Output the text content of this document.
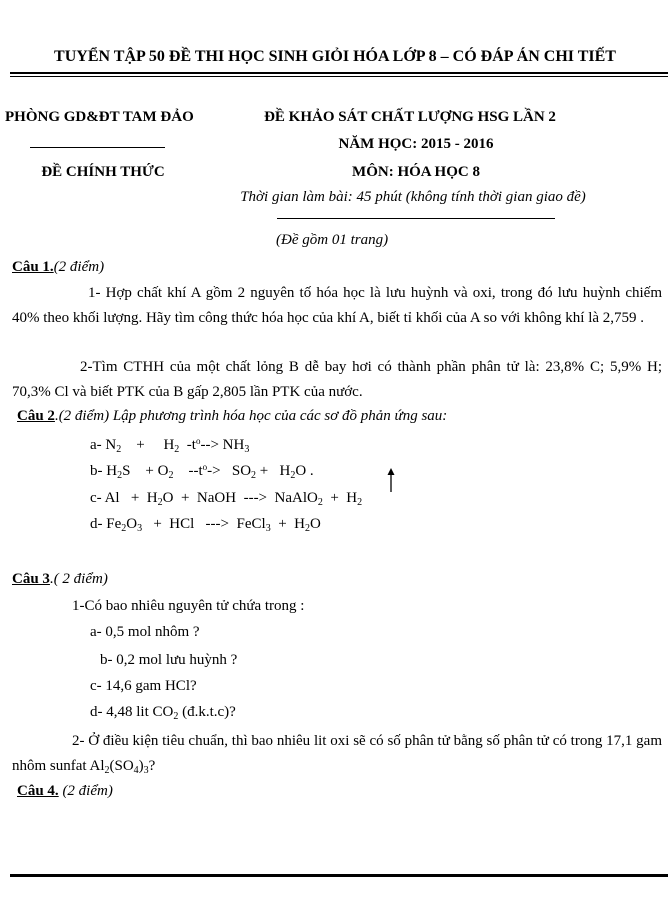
TUYỂN TẬP 50 ĐỀ THI HỌC SINH GIỎI HÓA LỚP 8 – CÓ ĐÁP ÁN CHI TIẾT
PHÒNG GD&ĐT TAM ĐẢO
ĐỀ CHÍNH THỨC
ĐỀ KHẢO SÁT CHẤT LƯỢNG HSG LẦN 2
NĂM HỌC: 2015 - 2016
MÔN: HÓA HỌC 8
Thời gian làm bài: 45 phút (không tính thời gian giao đề)
(Đề gồm 01 trang)
Câu 1.(2 điểm)
1- Hợp chất khí A gồm 2 nguyên tố hóa học là lưu huỳnh và oxi, trong đó lưu huỳnh chiếm 40% theo khối lượng. Hãy tìm công thức hóa học của khí A, biết tỉ khối của A so với không khí là 2,759 .
2-Tìm CTHH của một chất lỏng B dễ bay hơi có thành phần phân tử là: 23,8% C; 5,9% H; 70,3% Cl và biết PTK của B gấp 2,805 lần PTK của nước.
Câu 2.(2 điểm) Lập phương trình hóa học của các sơ đồ phản ứng sau:
a- $N_2$    +     $H_2$  $-t^o--> NH_3$
b- $H_2S$    + $O_2$    $--t^o-> SO_2 + H_2O$ .
c- $Al + H_2O$  +  NaOH  --->  NaAlO$_2$  +  $H_2$
d- $Fe_2O_3$   +  HCl   --->  FeCl$_3$  +  $H_2O$
Câu 3.( 2 điểm)
1-Có bao nhiêu nguyên tử chứa trong :
a- 0,5 mol nhôm ?
b- 0,2 mol lưu huỳnh ?
c- 14,6 gam HCl?
d- 4,48 lit $CO_2$ (đ.k.t.c)?
2- Ở điều kiện tiêu chuẩn, thì bao nhiêu lit oxi sẽ có số phân tử bằng số phân tử có trong 17,1 gam nhôm sunfat $Al_2(SO_4)_3$?
Câu 4. (2 điểm)
